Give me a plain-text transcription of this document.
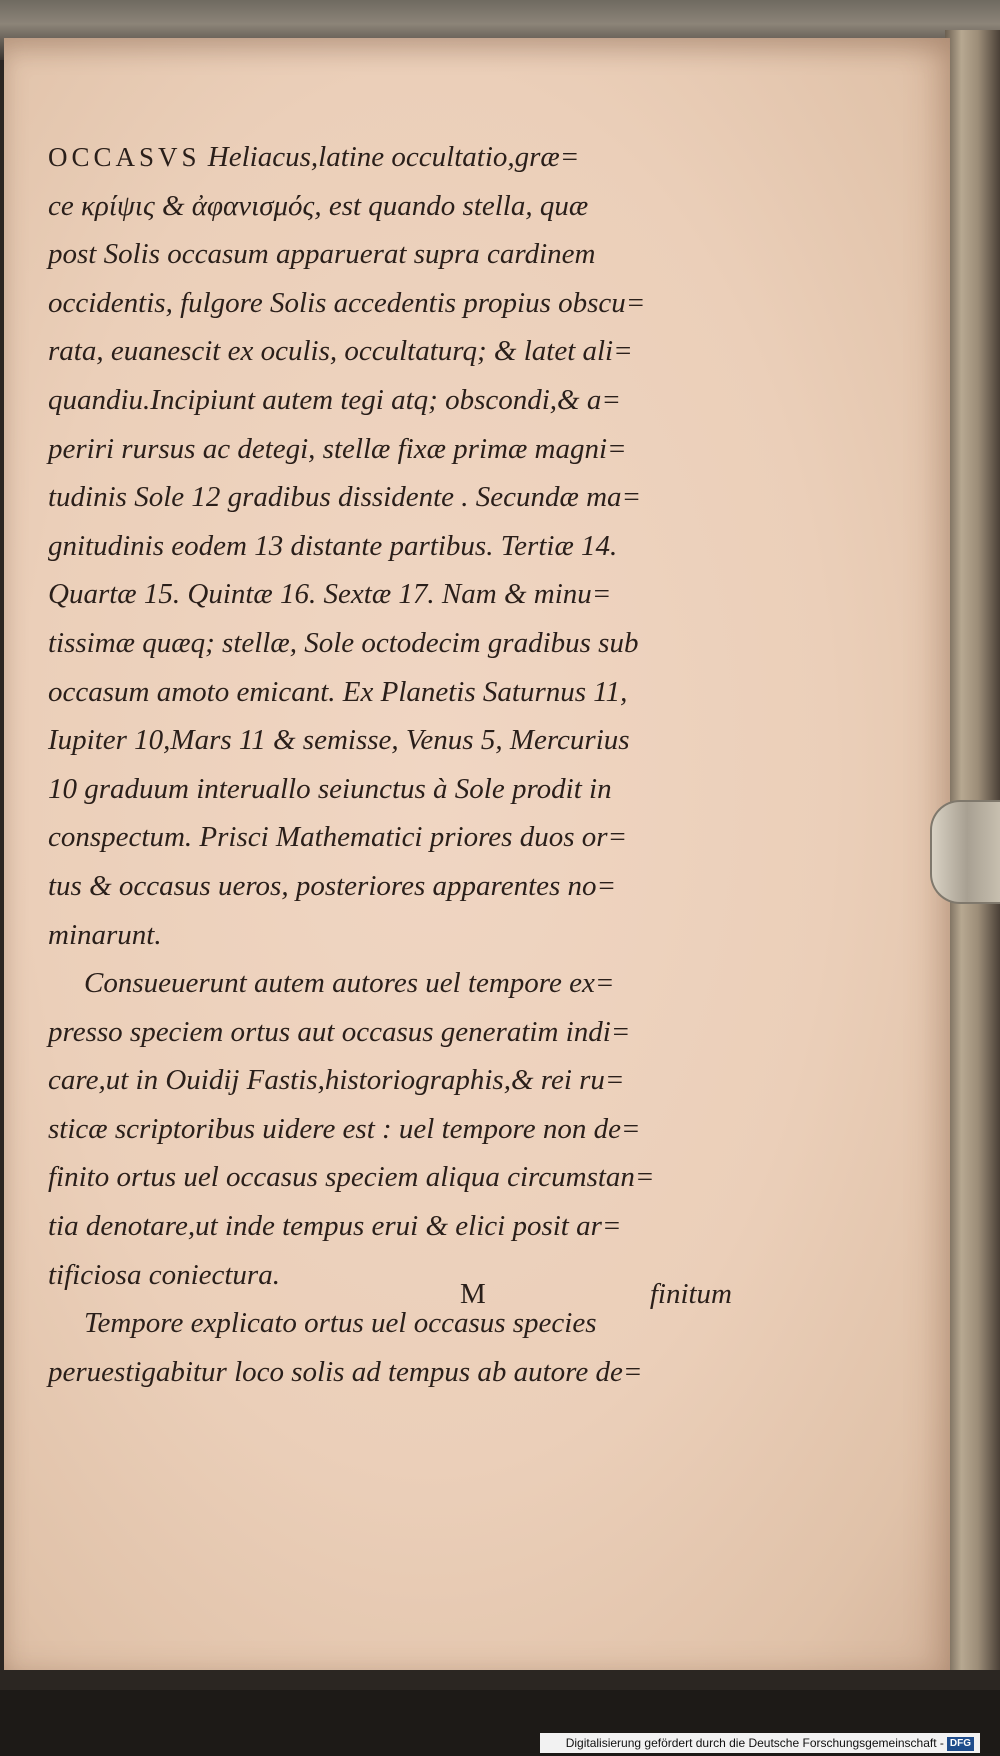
OCCASVS Heliacus,latine occultatio,græ=
ce κρίψις & ἀφανισμός, est quando stella, quæ
post Solis occasum apparuerat supra cardinem
occidentis, fulgore Solis accedentis propius obscu=
rata, euanescit ex oculis, occultaturq; & latet ali=
quandiu.Incipiunt autem tegi atq; obscondi,& a=
periri rursus ac detegi, stellæ fixæ primæ magni=
tudinis Sole 12 gradibus dissidente . Secundæ ma=
gnitudinis eodem 13 distante partibus. Tertiæ 14.
Quartæ 15. Quintæ 16. Sextæ 17. Nam & minu=
tissimæ quæq; stellæ, Sole octodecim gradibus sub
occasum amoto emicant. Ex Planetis Saturnus 11,
Iupiter 10,Mars 11 & semisse, Venus 5, Mercurius
10 graduum interuallo seiunctus à Sole prodit in
conspectum. Prisci Mathematici priores duos or=
tus & occasus ueros, posteriores apparentes no=
minarunt.
Consueuerunt autem autores uel tempore ex=
presso speciem ortus aut occasus generatim indi=
care,ut in Ouidij Fastis,historiographis,& rei ru=
sticæ scriptoribus uidere est : uel tempore non de=
finito ortus uel occasus speciem aliqua circumstan=
tia denotare,ut inde tempus erui & elici posit ar=
tificiosa coniectura.
Tempore explicato ortus uel occasus species
peruestigabitur loco solis ad tempus ab autore de=
M	finitum
Digitalisierung gefördert durch die Deutsche Forschungsgemeinschaft - DFG
